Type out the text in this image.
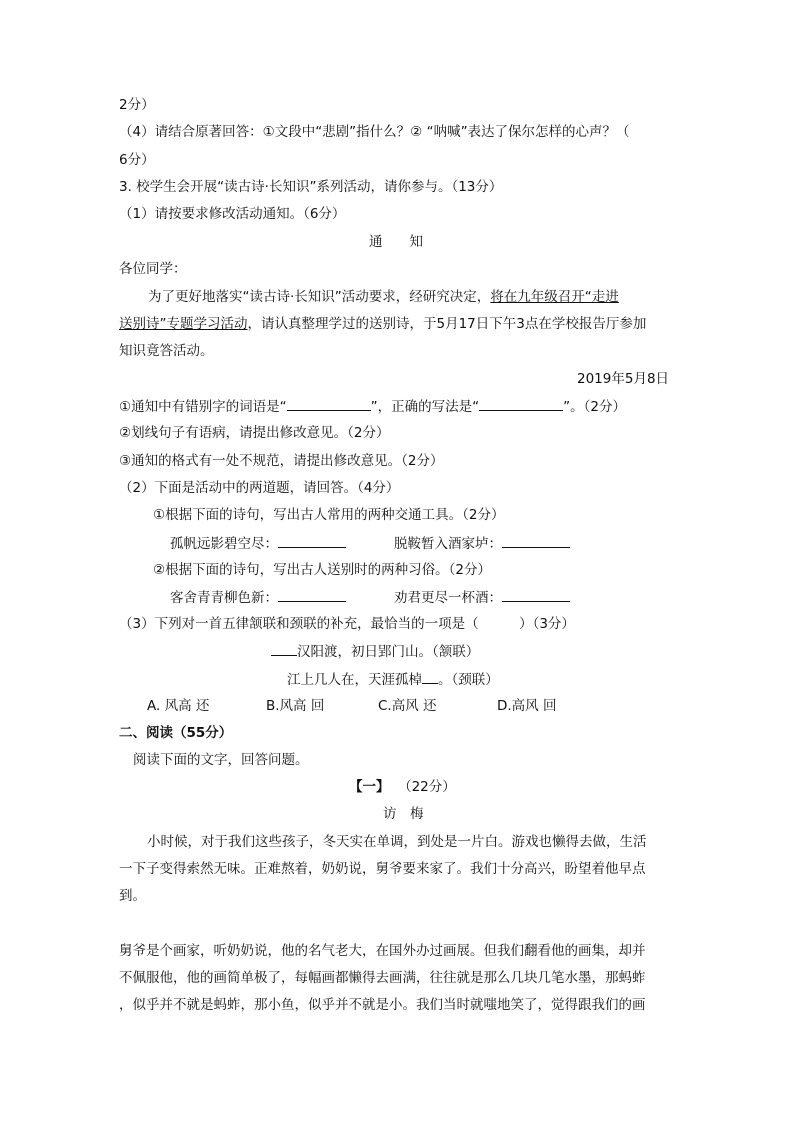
2分）
（4）请结合原著回答：①文段中“悲剧”指什么？② “呐喊”表达了保尔怎样的心声？（
6分）
3. 校学生会开展“读古诗·长知识”系列活动，请你参与。（13分）
（1）请按要求修改活动通知。（6分）
通　　知
各位同学：
为了更好地落实“读古诗·长知识”活动要求，经研究决定，将在九年级召开“走进
送别诗”专题学习活动，请认真整理学过的送别诗，于5月17日下午3点在学校报告厅参加
知识竟答活动。
2019年5月8日
①通知中有错别字的词语是“	”，正确的写法是“	”。（2分）
②划线句子有语病，请提出修改意见。（2分）
③通知的格式有一处不规范，请提出修改意见。（2分）
（2）下面是活动中的两道题，请回答。（4分）
①根据下面的诗句，写出古人常用的两种交通工具。（2分）
孤帆远影碧空尽：	脱鞍暂入酒家垆：
②根据下面的诗句，写出古人送别时的两种习俗。（2分）
客舍青青柳色新：	劝君更尽一杯酒：
（3）下列对一首五律颔联和颈联的补充，最恰当的一项是（　　　）（3分）
汉阳渡，初日郢门山。（颔联）
江上几人在，天涯孤棹 。（颈联）
A. 风高 还	B.风高 回	C.高风 还	D.高风 回
二、阅读（55分）
阅读下面的文字，回答问题。
【一】 （22分）
访　梅
小时候，对于我们这些孩子，冬天实在单调，到处是一片白。游戏也懒得去做，生活
一下子变得索然无味。正难熬着，奶奶说，舅爷要来家了。我们十分高兴，盼望着他早点
到。
舅爷是个画家，听奶奶说，他的名气老大，在国外办过画展。但我们翻看他的画集，却并
不佩服他，他的画简单极了，每幅画都懒得去画满，往往就是那么几块几笔水墨，那蚂蚱
，似乎并不就是蚂蚱，那小鱼，似乎并不就是小。我们当时就嗤地笑了，觉得跟我们的画
